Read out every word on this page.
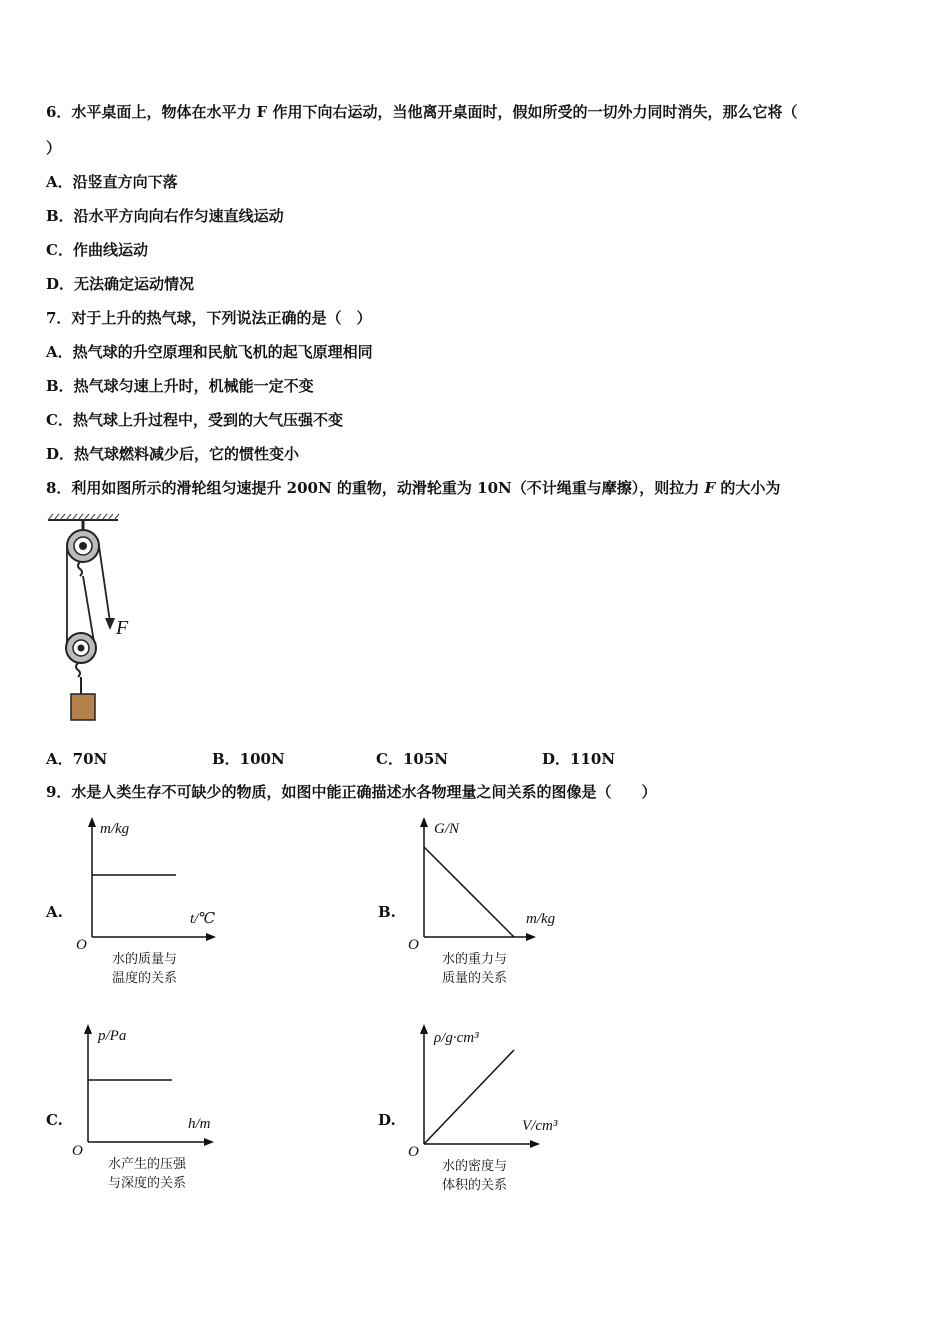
6．水平桌面上，物体在水平力 F 作用下向右运动，当他离开桌面时，假如所受的一切外力同时消失，那么它将（
）
A．沿竖直方向下落
B．沿水平方向向右作匀速直线运动
C．作曲线运动
D．无法确定运动情况
7．对于上升的热气球，下列说法正确的是（　）
A．热气球的升空原理和民航飞机的起飞原理相同
B．热气球匀速上升时，机械能一定不变
C．热气球上升过程中，受到的大气压强不变
D．热气球燃料减少后，它的惯性变小
8．利用如图所示的滑轮组匀速提升 200N 的重物，动滑轮重为 10N（不计绳重与摩擦），则拉力 F 的大小为
F
A．70N	B．100N	C．105N	D．110N
9．水是人类生存不可缺少的物质，如图中能正确描述水各物理量之间关系的图像是（　　）
A.
m/kg
t/℃
O
水的质量与
温度的关系
B.
G/N
m/kg
O
水的重力与
质量的关系
C.
p/Pa
h/m
O
水产生的压强
与深度的关系
D.
ρ/g·cm³
V/cm³
O
水的密度与
体积的关系
